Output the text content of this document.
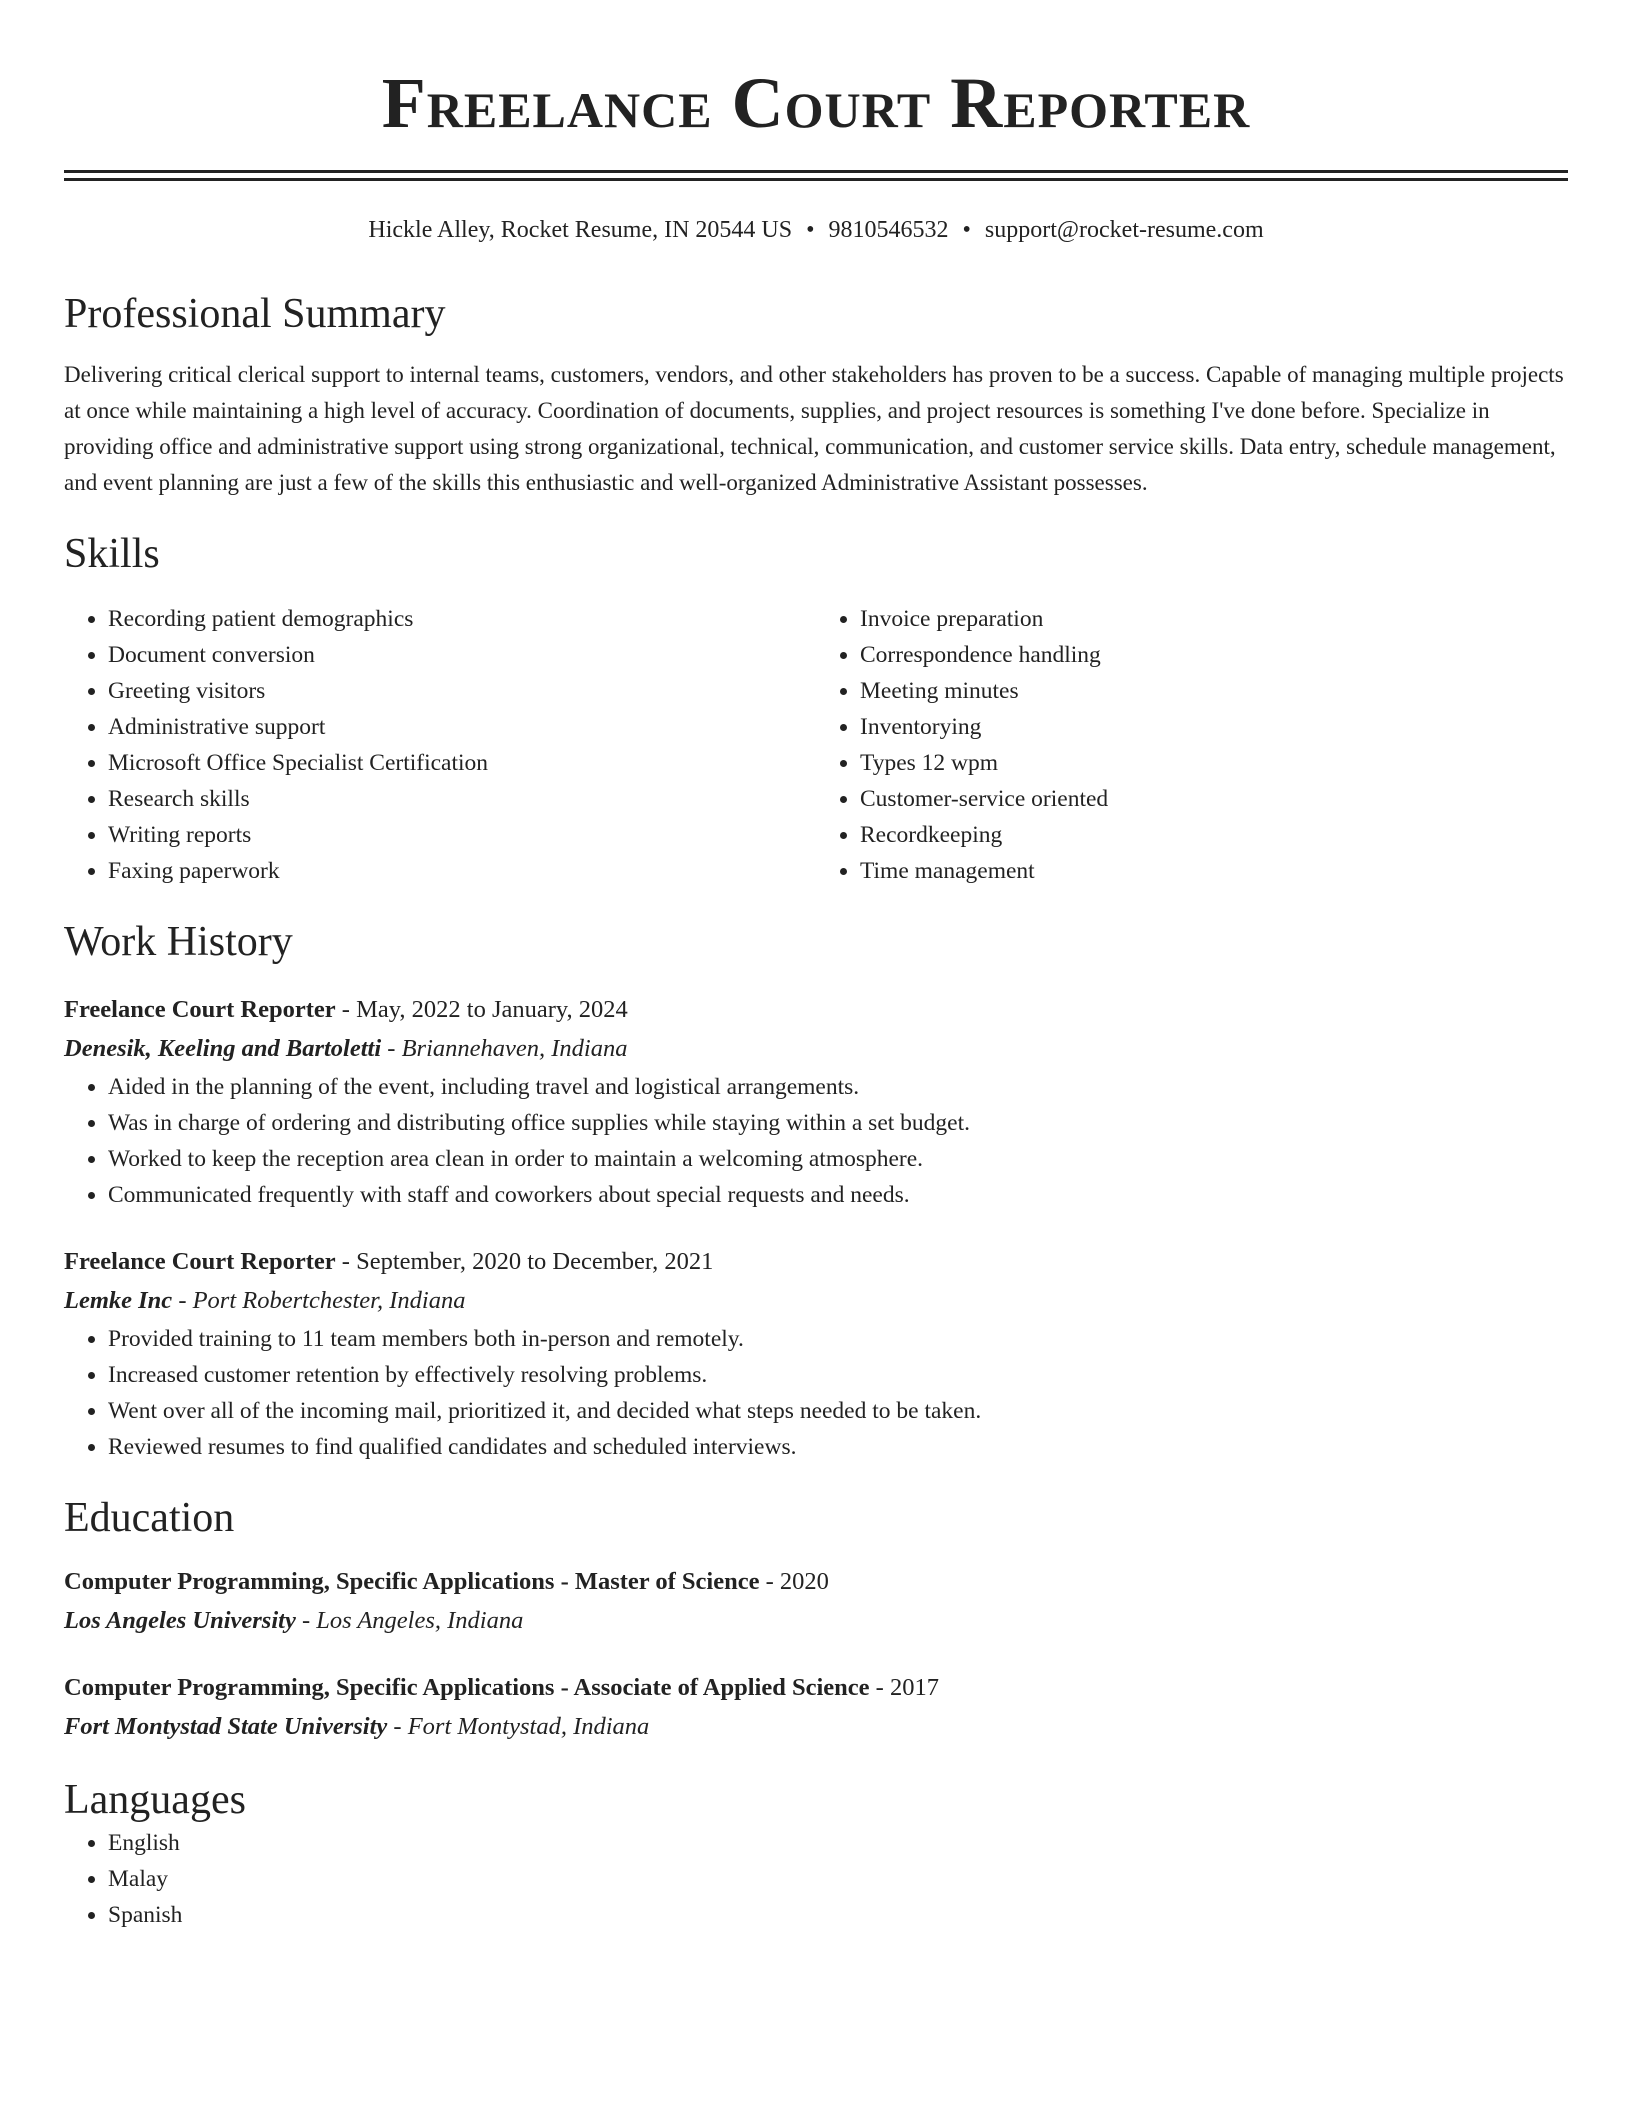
Freelance Court Reporter
Hickle Alley, Rocket Resume, IN 20544 US • 9810546532 • support@rocket-resume.com
Professional Summary

Delivering critical clerical support to internal teams, customers, vendors, and other stakeholders has proven to be a success. Capable of managing multiple projects at once while maintaining a high level of accuracy. Coordination of documents, supplies, and project resources is something I've done before. Specialize in providing office and administrative support using strong organizational, technical, communication, and customer service skills. Data entry, schedule management, and event planning are just a few of the skills this enthusiastic and well-organized Administrative Assistant possesses.

Skills
• Recording patient demographics
• Document conversion
• Greeting visitors
• Administrative support
• Microsoft Office Specialist Certification
• Research skills
• Writing reports
• Faxing paperwork
• Invoice preparation
• Correspondence handling
• Meeting minutes
• Inventorying
• Types 12 wpm
• Customer-service oriented
• Recordkeeping
• Time management
Work History
Freelance Court Reporter - May, 2022 to January, 2024
Denesik, Keeling and Bartoletti - Briannehaven, Indiana
• Aided in the planning of the event, including travel and logistical arrangements.
• Was in charge of ordering and distributing office supplies while staying within a set budget.
• Worked to keep the reception area clean in order to maintain a welcoming atmosphere.
• Communicated frequently with staff and coworkers about special requests and needs.
Freelance Court Reporter - September, 2020 to December, 2021
Lemke Inc - Port Robertchester, Indiana
• Provided training to 11 team members both in-person and remotely.
• Increased customer retention by effectively resolving problems.
• Went over all of the incoming mail, prioritized it, and decided what steps needed to be taken.
• Reviewed resumes to find qualified candidates and scheduled interviews.
Education
Computer Programming, Specific Applications - Master of Science - 2020
Los Angeles University - Los Angeles, Indiana
Computer Programming, Specific Applications - Associate of Applied Science - 2017
Fort Montystad State University - Fort Montystad, Indiana
Languages
• English
• Malay
• Spanish
